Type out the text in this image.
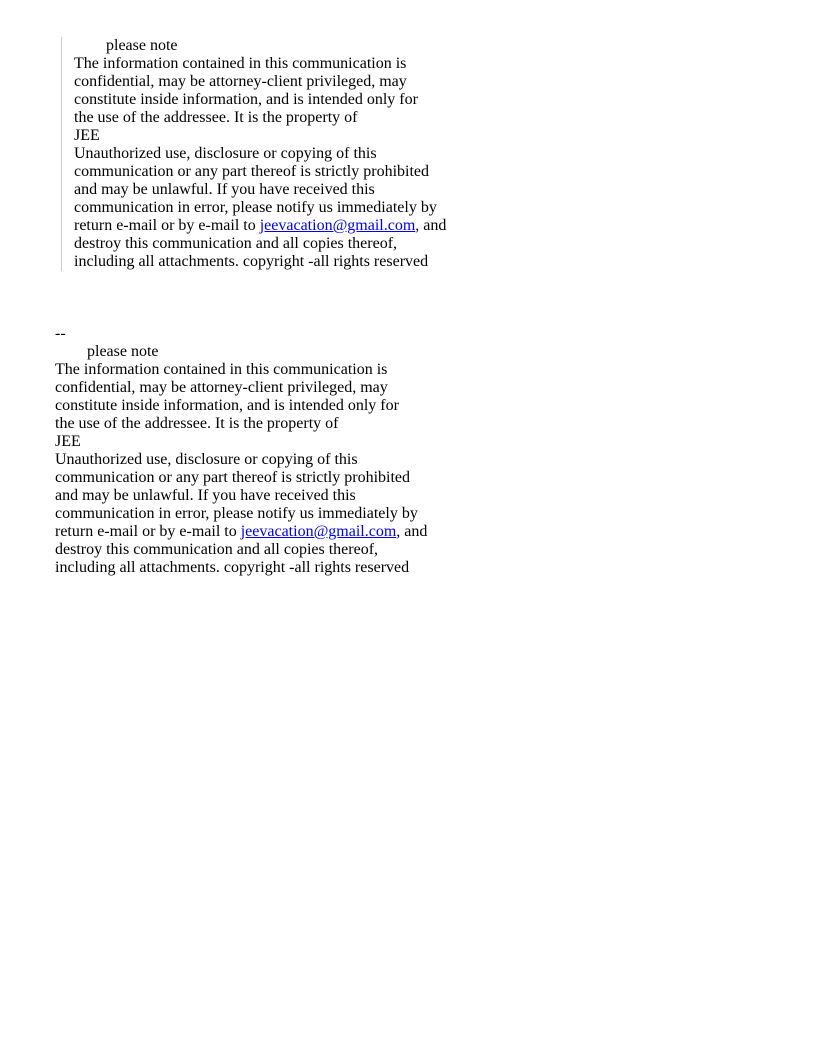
please note
The information contained in this communication is
confidential, may be attorney-client privileged, may
constitute inside information, and is intended only for
the use of the addressee. It is the property of
JEE
Unauthorized use, disclosure or copying of this
communication or any part thereof is strictly prohibited
and may be unlawful. If you have received this
communication in error, please notify us immediately by
return e-mail or by e-mail to jeevacation@gmail.com, and
destroy this communication and all copies thereof,
including all attachments. copyright -all rights reserved
--
please note
The information contained in this communication is
confidential, may be attorney-client privileged, may
constitute inside information, and is intended only for
the use of the addressee. It is the property of
JEE
Unauthorized use, disclosure or copying of this
communication or any part thereof is strictly prohibited
and may be unlawful. If you have received this
communication in error, please notify us immediately by
return e-mail or by e-mail to jeevacation@gmail.com, and
destroy this communication and all copies thereof,
including all attachments. copyright -all rights reserved
